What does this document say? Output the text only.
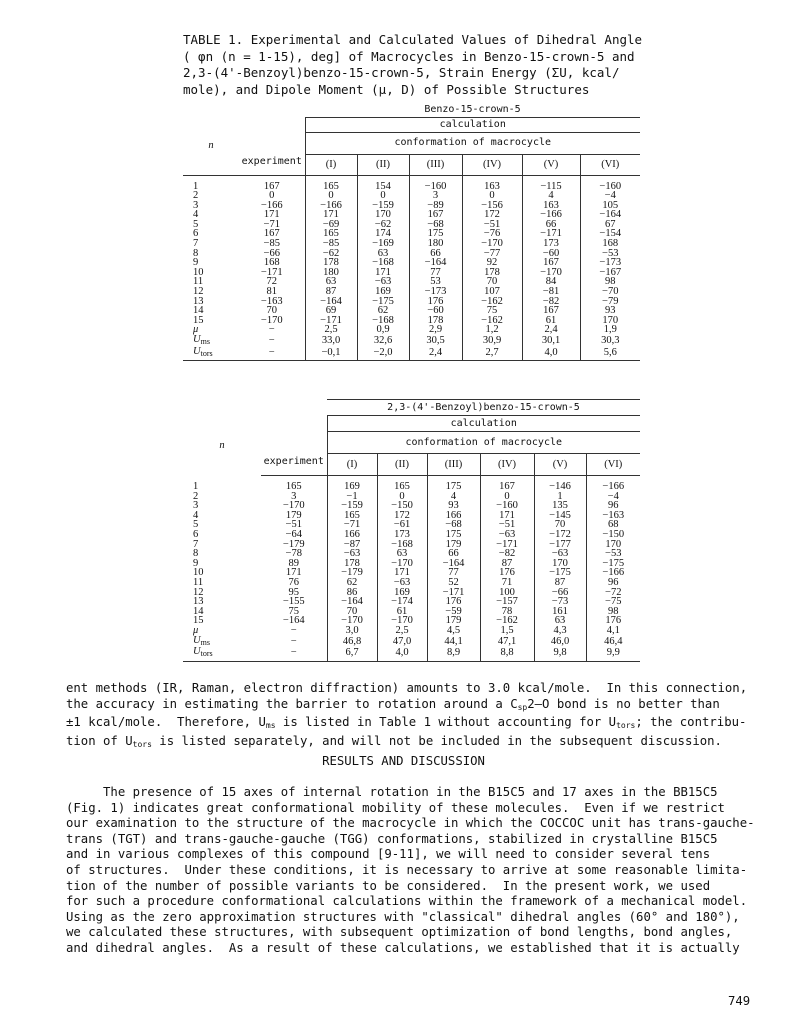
TABLE 1. Experimental and Calculated Values of Dihedral Angle ( φn (n = 1-15), deg] of Macrocycles in Benzo-15-crown-5 and 2,3-(4'-Benzoyl)benzo-15-crown-5, Strain Energy (ΣU, kcal/ mole), and Dipole Moment (μ, D) of Possible Structures
		Benzo-15-crown-5					
n	experiment	calculation					
		conformation of macrocycle					
		(I)	(II)	(III)	(IV)	(V)	(VI)
1	167	165	154	−160	163	−115	−160
2	0	0	0	3	0	4	−4
3	−166	−166	−159	−89	−156	163	105
4	171	171	170	167	172	−166	−164
5	−71	−69	−62	−68	−51	66	67
6	167	165	174	175	−76	−171	−154
7	−85	−85	−169	180	−170	173	168
8	−66	−62	63	66	−77	−60	−53
9	168	178	−168	−164	92	167	−173
10	−171	180	171	77	178	−170	−167
11	72	63	−63	53	70	84	98
12	81	87	169	−173	107	−81	−70
13	−163	−164	−175	176	−162	−82	−79
14	70	69	62	−60	75	167	93
15	−170	−171	−168	178	−162	61	170
μ	−	2,5	0,9	2,9	1,2	2,4	1,9
$U_{ms}$	−	33,0	32,6	30,5	30,9	30,1	30,3
$U_{tors}$	−	−0,1	−2,0	2,4	2,7	4,0	5,6
		2,3-(4'-Benzoyl)benzo-15-crown-5					
n	experiment	calculation					
		conformation of macrocycle					
		(I)	(II)	(III)	(IV)	(V)	(VI)
1	165	169	165	175	167	−146	−166
2	3	−1	0	4	0	1	−4
3	−170	−159	−150	93	−160	135	96
4	179	165	172	166	171	−145	−163
5	−51	−71	−61	−68	−51	70	68
6	−64	166	173	175	−63	−172	−150
7	−179	−87	−168	179	−171	−177	170
8	−78	−63	63	66	−82	−63	−53
9	89	178	−170	−164	87	170	−175
10	171	−179	171	77	176	−175	−166
11	76	62	−63	52	71	87	96
12	95	86	169	−171	100	−66	−72
13	−155	−164	−174	176	−157	−73	−75
14	75	70	61	−59	78	161	98
15	−164	−170	−170	179	−162	63	176
μ	−	3,0	2,5	4,5	1,5	4,3	4,1
$U_{ms}$	−	46,8	47,0	44,1	47,1	46,0	46,4
$U_{tors}$	−	6,7	4,0	8,9	8,8	9,8	9,9
ent methods (IR, Raman, electron diffraction) amounts to 3.0 kcal/mole.  In this connection,
the accuracy in estimating the barrier to rotation around a $C_{sp}2-O$ bond is no better than
±1 kcal/mole.  Therefore, $U_{ms}$ is listed in Table 1 without accounting for $U_{tors}$; the contribu-
tion of $U_{tors}$ is listed separately, and will not be included in the subsequent discussion.
RESULTS AND DISCUSSION
The presence of 15 axes of internal rotation in the B15C5 and 17 axes in the BB15C5
(Fig. 1) indicates great conformational mobility of these molecules.  Even if we restrict
our examination to the structure of the macrocycle in which the COCCOC unit has trans-gauche-
trans (TGT) and trans-gauche-gauche (TGG) conformations, stabilized in crystalline B15C5
and in various complexes of this compound [9-11], we will need to consider several tens
of structures.  Under these conditions, it is necessary to arrive at some reasonable limita-
tion of the number of possible variants to be considered.  In the present work, we used
for such a procedure conformational calculations within the framework of a mechanical model.
Using as the zero approximation structures with "classical" dihedral angles (60° and 180°),
we calculated these structures, with subsequent optimization of bond lengths, bond angles,
and dihedral angles.  As a result of these calculations, we established that it is actually
749
